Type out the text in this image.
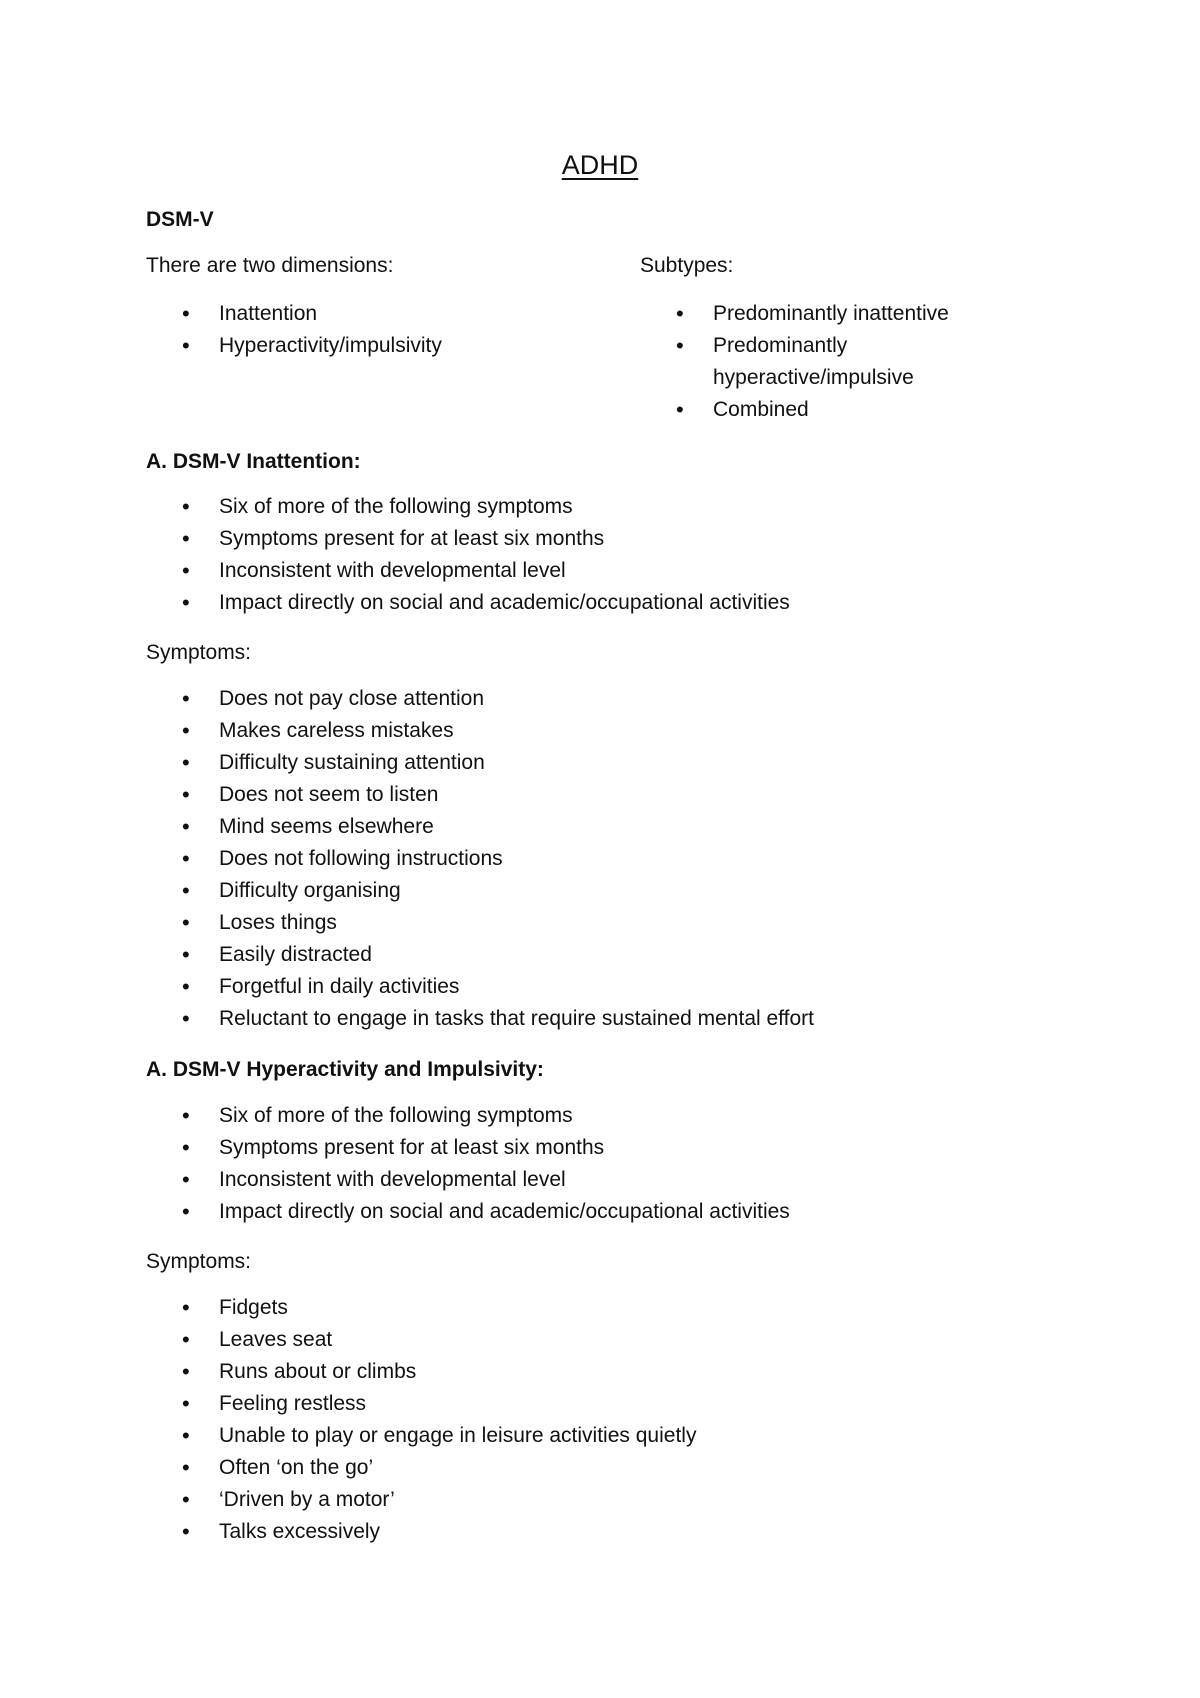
ADHD
DSM-V
There are two dimensions:	Subtypes:
• Inattention
• Hyperactivity/impulsivity
• Predominantly inattentive
• Predominantly hyperactive/impulsive
• Combined
A. DSM-V Inattention:
• Six of more of the following symptoms
• Symptoms present for at least six months
• Inconsistent with developmental level
• Impact directly on social and academic/occupational activities
Symptoms:
• Does not pay close attention
• Makes careless mistakes
• Difficulty sustaining attention
• Does not seem to listen
• Mind seems elsewhere
• Does not following instructions
• Difficulty organising
• Loses things
• Easily distracted
• Forgetful in daily activities
• Reluctant to engage in tasks that require sustained mental effort
A. DSM-V Hyperactivity and Impulsivity:
• Six of more of the following symptoms
• Symptoms present for at least six months
• Inconsistent with developmental level
• Impact directly on social and academic/occupational activities
Symptoms:
• Fidgets
• Leaves seat
• Runs about or climbs
• Feeling restless
• Unable to play or engage in leisure activities quietly
• Often ‘on the go’
• ‘Driven by a motor’
• Talks excessively
